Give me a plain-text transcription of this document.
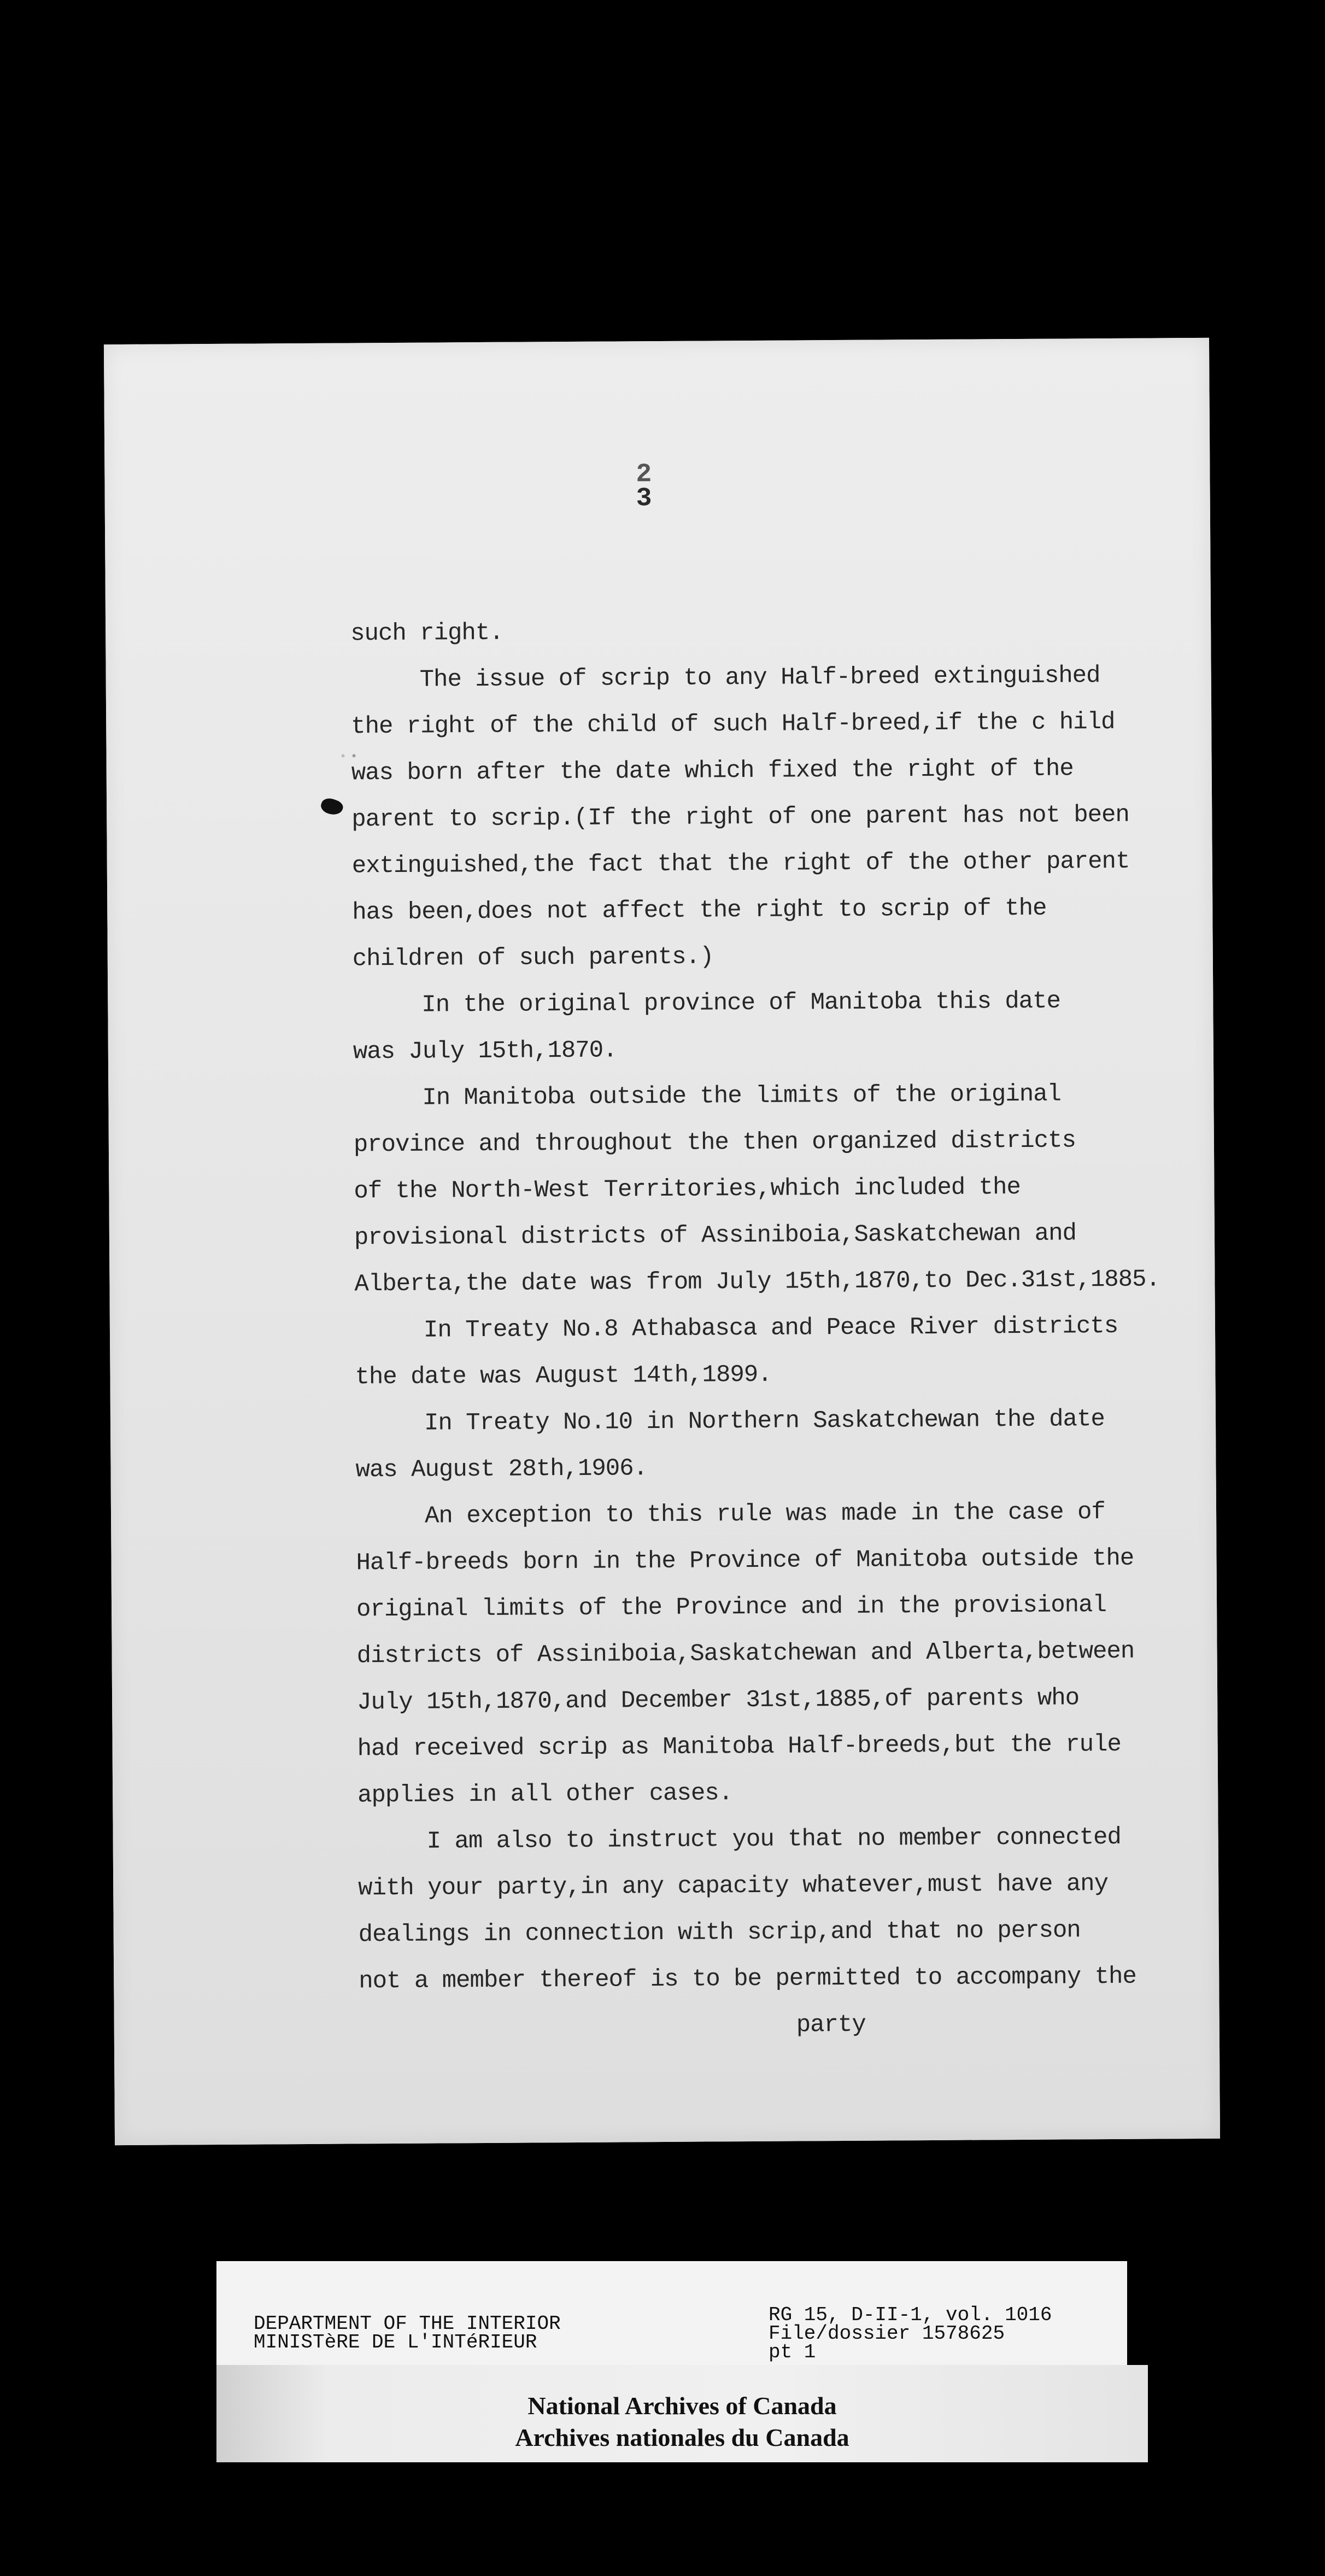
2
3
such right.
The issue of scrip to any Half-breed extinguished
the right of the child of such Half-breed,if the c hild
was born after the date which fixed the right of the
parent to scrip.(If the right of one parent has not been
extinguished,the fact that the right of the other parent
has been,does not affect the right to scrip of the
children of such parents.)
In the original province of Manitoba this date
was July 15th,1870.
In Manitoba outside the limits of the original
province and throughout the then organized districts
of the North-West Territories,which included the
provisional districts of Assiniboia,Saskatchewan and
Alberta,the date was from July 15th,1870,to Dec.31st,1885.
In Treaty No.8 Athabasca and Peace River districts
the date was August 14th,1899.
In Treaty No.10 in Northern Saskatchewan the date
was August 28th,1906.
An exception to this rule was made in the case of
Half-breeds born in the Province of Manitoba outside the
original limits of the Province and in the provisional
districts of Assiniboia,Saskatchewan and Alberta,between
July 15th,1870,and December 31st,1885,of parents who
had received scrip as Manitoba Half-breeds,but the rule
applies in all other cases.
I am also to instruct you that no member connected
with your party,in any capacity whatever,must have any
dealings in connection with scrip,and that no person
not a member thereof is to be permitted to accompany the
party
DEPARTMENT OF THE INTERIOR
MINISTèRE DE L'INTéRIEUR
RG 15, D-II-1, vol. 1016
File/dossier 1578625
pt 1
National Archives of Canada
Archives nationales du Canada
